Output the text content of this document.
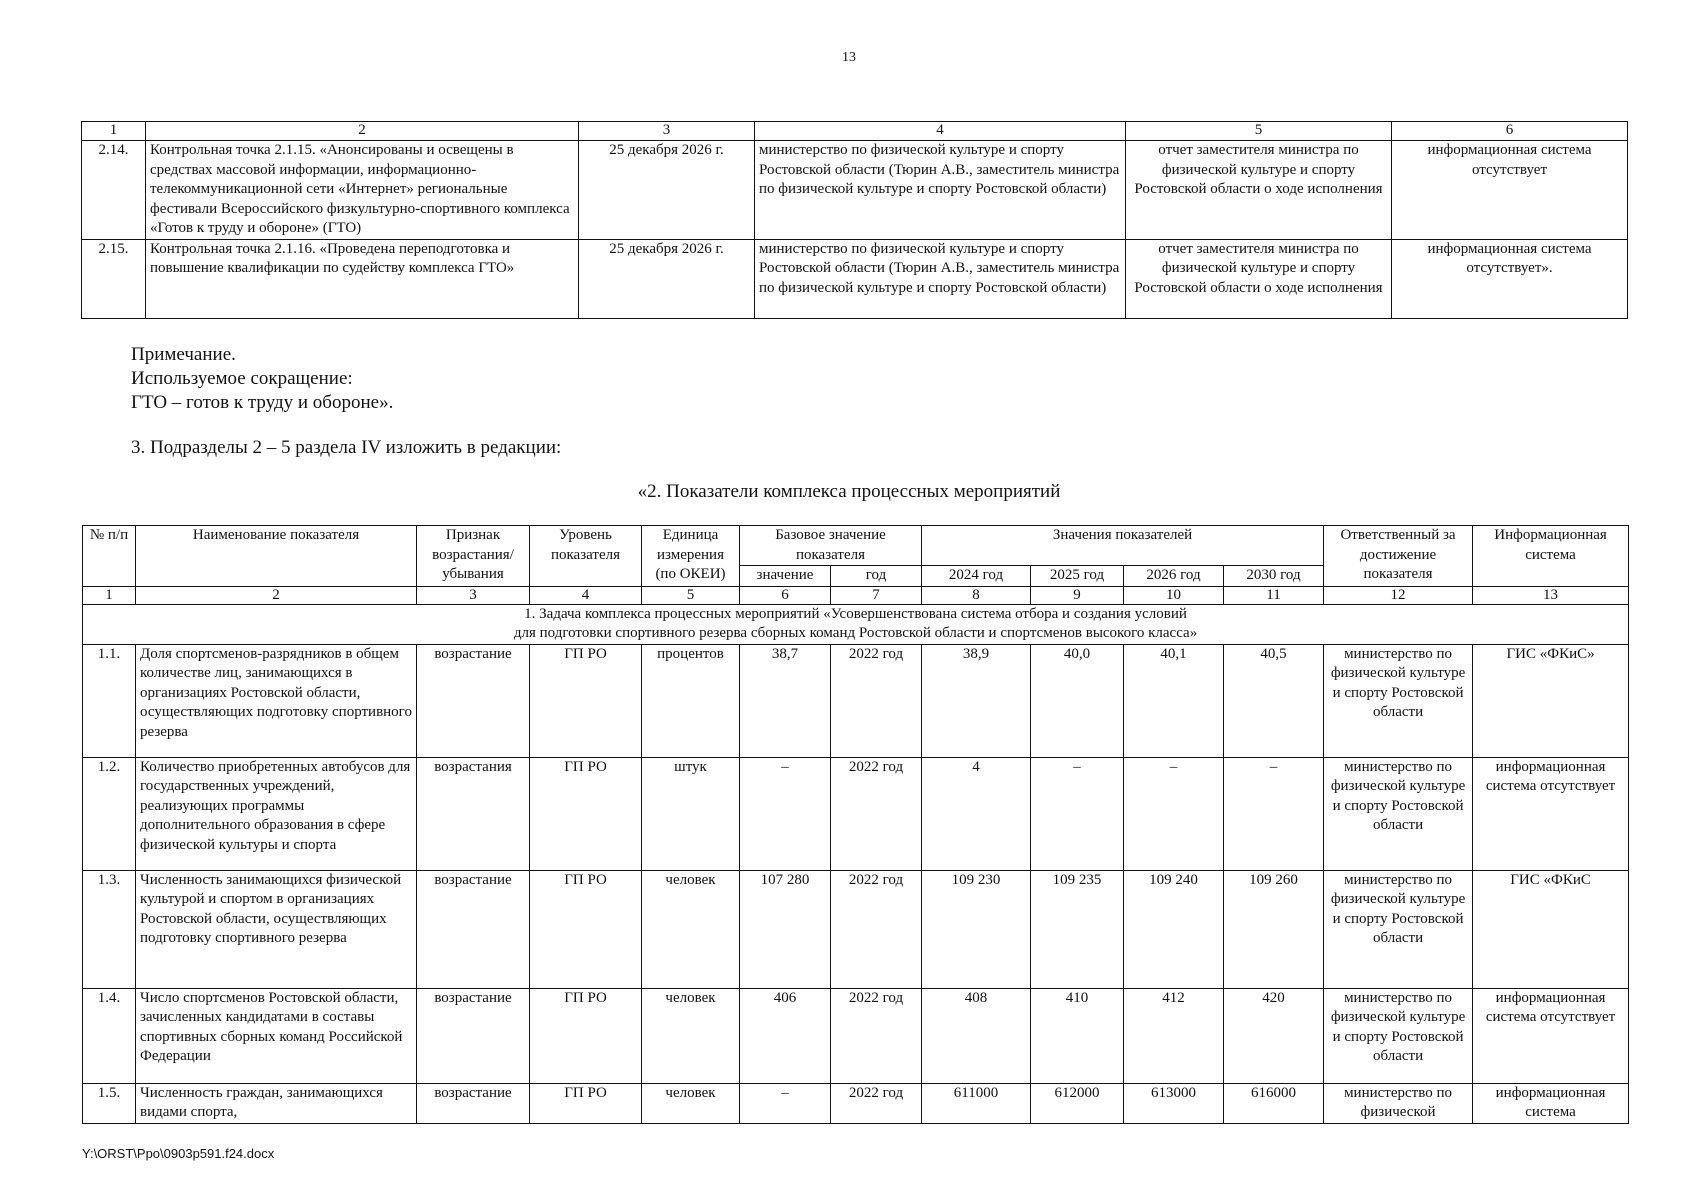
13
1	2	3	4	5	6
2.14.	Контрольная точка 2.1.15. «Анонсированы и освещены в средствах массовой информации, информационно-телекоммуникационной сети «Интернет» региональные фестивали Всероссийского физкультурно-спортивного комплекса «Готов к труду и обороне» (ГТО)	25 декабря 2026 г.	министерство по физической культуре и спорту Ростовской области (Тюрин А.В., заместитель министра по физической культуре и спорту Ростовской области)	отчет заместителя министра по физической культуре и спорту Ростовской области о ходе исполнения	информационная система отсутствует
2.15.	Контрольная точка 2.1.16. «Проведена переподготовка и повышение квалификации по судейству комплекса ГТО»	25 декабря 2026 г.	министерство по физической культуре и спорту Ростовской области (Тюрин А.В., заместитель министра по физической культуре и спорту Ростовской области)	отчет заместителя министра по физической культуре и спорту Ростовской области о ходе исполнения	информационная система отсутствует».
Примечание.
Используемое сокращение:
ГТО – готов к труду и обороне».
3. Подразделы 2 – 5 раздела IV изложить в редакции:
«2. Показатели комплекса процессных мероприятий
№ п/п	Наименование показателя	Признак возрастания/ убывания	Уровень показателя	Единица измерения (по ОКЕИ)	Базовое значение показателя		Значения показателей				Ответственный за достижение показателя	Информационная система
					значение	год	2024 год	2025 год	2026 год	2030 год		
1	2	3	4	5	6	7	8	9	10	11	12	13

1. Задача комплекса процессных мероприятий «Усовершенствована система отбора и создания условий
для подготовки спортивного резерва сборных команд Ростовской области и спортсменов высокого класса»												

1.1.	Доля спортсменов-разрядников в общем количестве лиц, занимающихся в организациях Ростовской области, осуществляющих подготовку спортивного резерва	возрастание	ГП РО	процентов	38,7	2022 год	38,9	40,0	40,1	40,5	министерство по физической культуре и спорту Ростовской области	ГИС «ФКиС»
1.2.	Количество приобретенных автобусов для государственных учреждений, реализующих программы дополнительного образования в сфере физической культуры и спорта	возрастания	ГП РО	штук	–	2022 год	4	–	–	–	министерство по физической культуре и спорту Ростовской области	информационная система отсутствует
1.3.	Численность занимающихся физической культурой и спортом в организациях Ростовской области, осуществляющих подготовку спортивного резерва	возрастание	ГП РО	человек	107 280	2022 год	109 230	109 235	109 240	109 260	министерство по физической культуре и спорту Ростовской области	ГИС «ФКиС
1.4.	Число спортсменов Ростовской области, зачисленных кандидатами в составы спортивных сборных команд Российской Федерации	возрастание	ГП РО	человек	406	2022 год	408	410	412	420	министерство по физической культуре и спорту Ростовской области	информационная система отсутствует
1.5.	Численность граждан, занимающихся видами спорта,	возрастание	ГП РО	человек	–	2022 год	611000	612000	613000	616000	министерство по физической	информационная система
Y:\ORST\Ppo\0903p591.f24.docx
